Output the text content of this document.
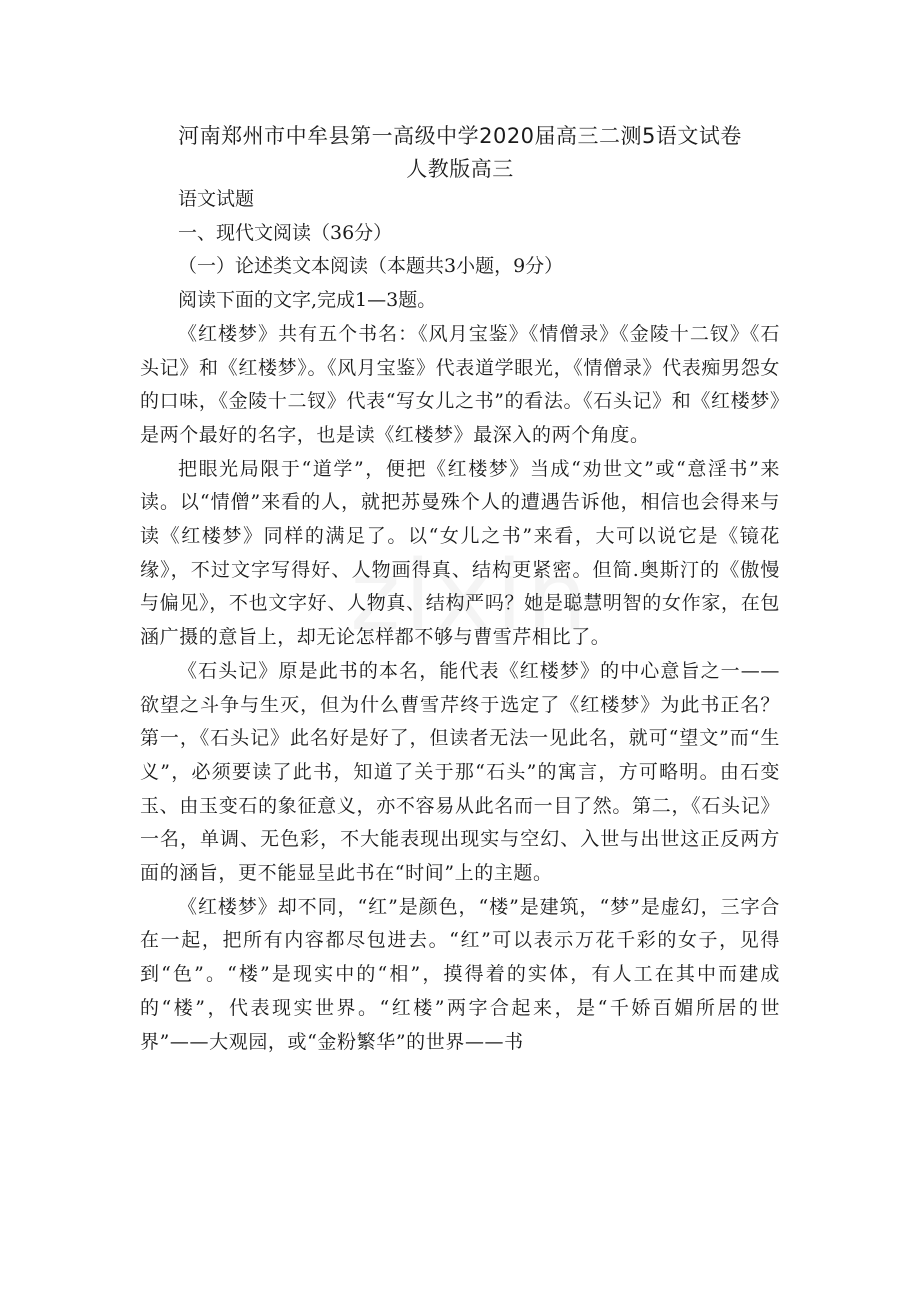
河南郑州市中牟县第一高级中学2020届高三二测5语文试卷
人教版高三

语文试题

一、现代文阅读（36分）

（一）论述类文本阅读（本题共3小题，9分）

阅读下面的文字,完成1—3题。

《红楼梦》共有五个书名：《风月宝鉴》《情僧录》《金陵十二钗》《石头记》和《红楼梦》。《风月宝鉴》代表道学眼光，《情僧录》代表痴男怨女的口味，《金陵十二钗》代表“写女儿之书”的看法。《石头记》和《红楼梦》是两个最好的名字，也是读《红楼梦》最深入的两个角度。

把眼光局限于“道学”，便把《红楼梦》当成“劝世文”或“意淫书”来读。以“情僧”来看的人，就把苏曼殊个人的遭遇告诉他，相信也会得来与读《红楼梦》同样的满足了。以“女儿之书”来看，大可以说它是《镜花缘》，不过文字写得好、人物画得真、结构更紧密。但简.奥斯汀的《傲慢与偏见》，不也文字好、人物真、结构严吗？她是聪慧明智的女作家，在包涵广摄的意旨上，却无论怎样都不够与曹雪芹相比了。

《石头记》原是此书的本名，能代表《红楼梦》的中心意旨之一——欲望之斗争与生灭，但为什么曹雪芹终于选定了《红楼梦》为此书正名？第一，《石头记》此名好是好了，但读者无法一见此名，就可“望文”而“生义”，必须要读了此书，知道了关于那“石头”的寓言，方可略明。由石变玉、由玉变石的象征意义，亦不容易从此名而一目了然。第二，《石头记》一名，单调、无色彩，不大能表现出现实与空幻、入世与出世这正反两方面的涵旨，更不能显呈此书在“时间”上的主题。

《红楼梦》却不同，“红”是颜色，“楼”是建筑，“梦”是虚幻，三字合在一起，把所有内容都尽包进去。“红”可以表示万花千彩的女子，见得到“色”。“楼”是现实中的“相”，摸得着的实体，有人工在其中而建成的“楼”，代表现实世界。“红楼”两字合起来，是“千娇百媚所居的世界”——大观园，或“金粉繁华”的世界——书
